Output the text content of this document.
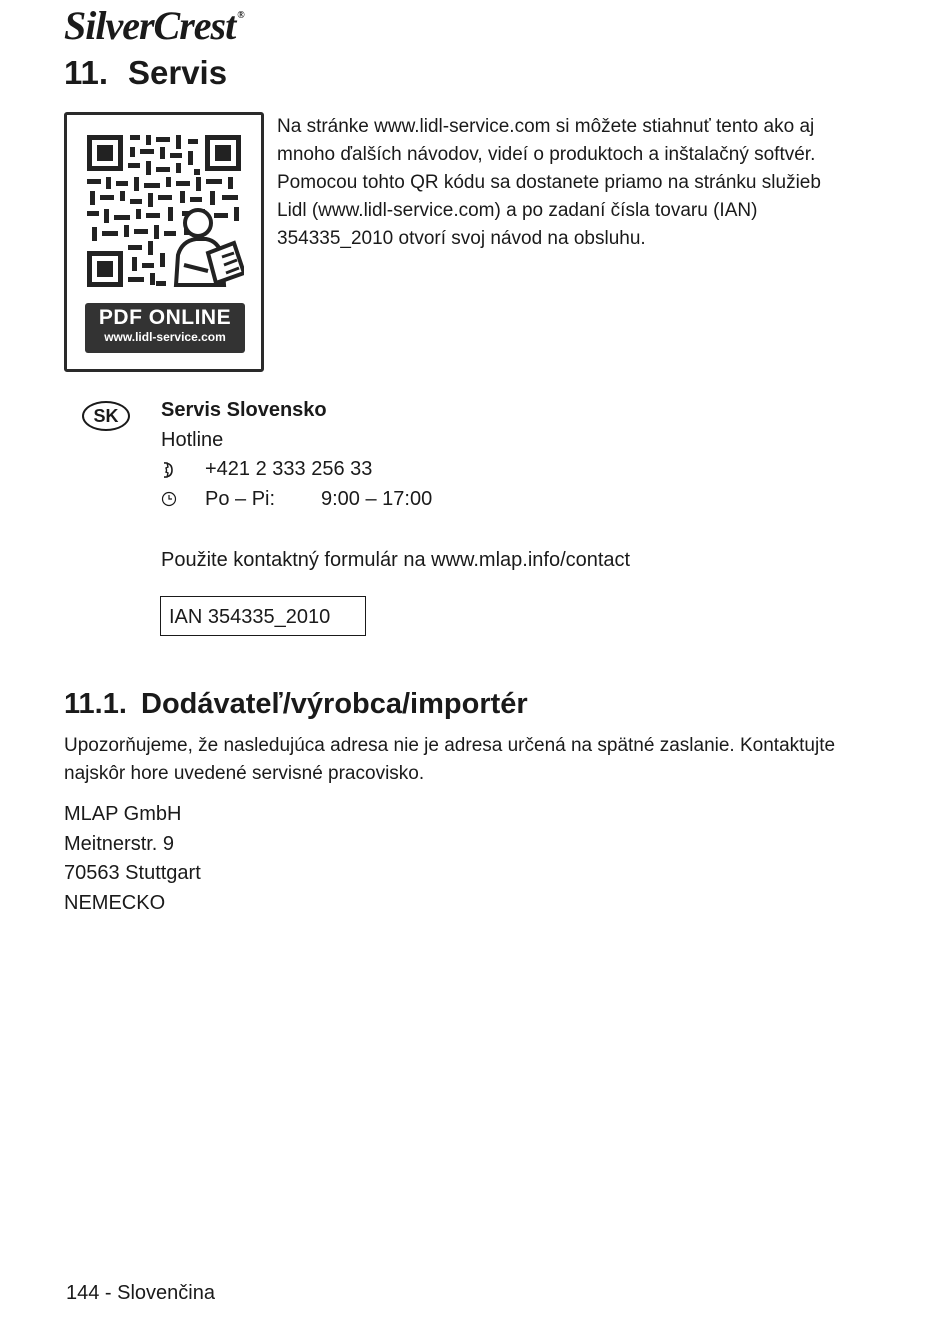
SilverCrest ®
11. Servis
PDF ONLINE
www.lidl-service.com

Na stránke www.lidl-service.com si môžete stiahnuť tento ako aj mnoho ďalších návodov, videí o produktoch a inštalačný softvér. Pomocou tohto QR kódu sa dostanete priamo na stránku služieb Lidl (www.lidl-service.com) a po zadaní čísla tovaru (IAN) 354335_2010 otvorí svoj návod na obsluhu.

SK	Servis Slovensko
Hotline
+421 2 333 256 33
Po – Pi: 9:00 – 17:00
Použite kontaktný formulár na www.mlap.info/contact
IAN 354335_2010
11.1. Dodávateľ/výrobca/importér

Upozorňujeme, že nasledujúca adresa nie je adresa určená na spätné zaslanie. Kontaktujte najskôr hore uvedené servisné pracovisko.

MLAP GmbH
Meitnerstr. 9
70563 Stuttgart
NEMECKO
144 - Slovenčina
